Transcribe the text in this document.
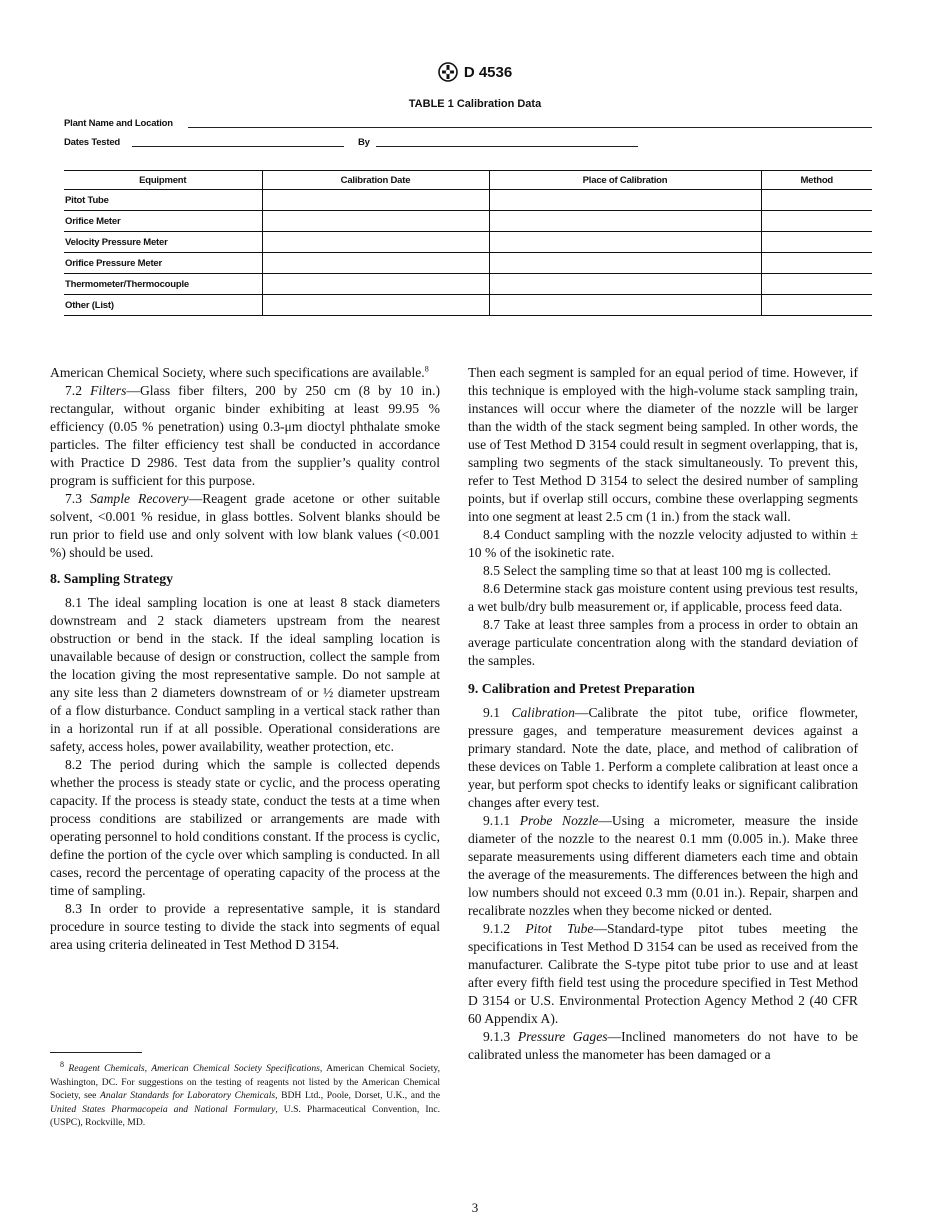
D 4536
TABLE 1 Calibration Data
Plant Name and Location
Dates Tested	By
Equipment	Calibration Date	Place of Calibration	Method
Pitot Tube			
Orifice Meter			
Velocity Pressure Meter			
Orifice Pressure Meter			
Thermometer/Thermocouple			
Other (List)			

American Chemical Society, where such specifications are available.$^8$

7.2 Filters—Glass fiber filters, 200 by 250 cm (8 by 10 in.) rectangular, without organic binder exhibiting at least 99.95 % efficiency (0.05 % penetration) using 0.3-μm dioctyl phthalate smoke particles. The filter efficiency test shall be conducted in accordance with Practice D 2986. Test data from the supplier’s quality control program is sufficient for this purpose.

7.3 Sample Recovery—Reagent grade acetone or other suitable solvent, <0.001 % residue, in glass bottles. Solvent blanks should be run prior to field use and only solvent with low blank values (<0.001 %) should be used.

8. Sampling Strategy

8.1 The ideal sampling location is one at least 8 stack diameters downstream and 2 stack diameters upstream from the nearest obstruction or bend in the stack. If the ideal sampling location is unavailable because of design or construction, collect the sample from the location giving the most representative sample. Do not sample at any site less than 2 diameters downstream of or ½ diameter upstream of a flow disturbance. Conduct sampling in a vertical stack rather than in a horizontal run if at all possible. Operational considerations are safety, access holes, power availability, weather protection, etc.

8.2 The period during which the sample is collected depends whether the process is steady state or cyclic, and the process operating capacity. If the process is steady state, conduct the tests at a time when process conditions are stabilized or arrangements are made with operating personnel to hold conditions constant. If the process is cyclic, define the portion of the cycle over which sampling is conducted. In all cases, record the percentage of operating capacity of the process at the time of sampling.

8.3 In order to provide a representative sample, it is standard procedure in source testing to divide the stack into segments of equal area using criteria delineated in Test Method D 3154.

Then each segment is sampled for an equal period of time. However, if this technique is employed with the high-volume stack sampling train, instances will occur where the diameter of the nozzle will be larger than the width of the stack segment being sampled. In other words, the use of Test Method D 3154 could result in segment overlapping, that is, sampling two segments of the stack simultaneously. To prevent this, refer to Test Method D 3154 to select the desired number of sampling points, but if overlap still occurs, combine these overlapping segments into one segment at least 2.5 cm (1 in.) from the stack wall.

8.4 Conduct sampling with the nozzle velocity adjusted to within ± 10 % of the isokinetic rate.

8.5 Select the sampling time so that at least 100 mg is collected.

8.6 Determine stack gas moisture content using previous test results, a wet bulb/dry bulb measurement or, if applicable, process feed data.

8.7 Take at least three samples from a process in order to obtain an average particulate concentration along with the standard deviation of the samples.

9. Calibration and Pretest Preparation

9.1 Calibration—Calibrate the pitot tube, orifice flowmeter, pressure gages, and temperature measurement devices against a primary standard. Note the date, place, and method of calibration of these devices on Table 1. Perform a complete calibration at least once a year, but perform spot checks to identify leaks or significant calibration changes after every test.

9.1.1 Probe Nozzle—Using a micrometer, measure the inside diameter of the nozzle to the nearest 0.1 mm (0.005 in.). Make three separate measurements using different diameters each time and obtain the average of the measurements. The differences between the high and low numbers should not exceed 0.3 mm (0.01 in.). Repair, sharpen and recalibrate nozzles when they become nicked or dented.

9.1.2 Pitot Tube—Standard-type pitot tubes meeting the specifications in Test Method D 3154 can be used as received from the manufacturer. Calibrate the S-type pitot tube prior to use and at least after every fifth field test using the procedure specified in Test Method D 3154 or U.S. Environmental Protection Agency Method 2 (40 CFR 60 Appendix A).

9.1.3 Pressure Gages—Inclined manometers do not have to be calibrated unless the manometer has been damaged or a

$^8$ Reagent Chemicals, American Chemical Society Specifications, American Chemical Society, Washington, DC. For suggestions on the testing of reagents not listed by the American Chemical Society, see Analar Standards for Laboratory Chemicals, BDH Ltd., Poole, Dorset, U.K., and the United States Pharmacopeia and National Formulary, U.S. Pharmaceutical Convention, Inc. (USPC), Rockville, MD.

3
